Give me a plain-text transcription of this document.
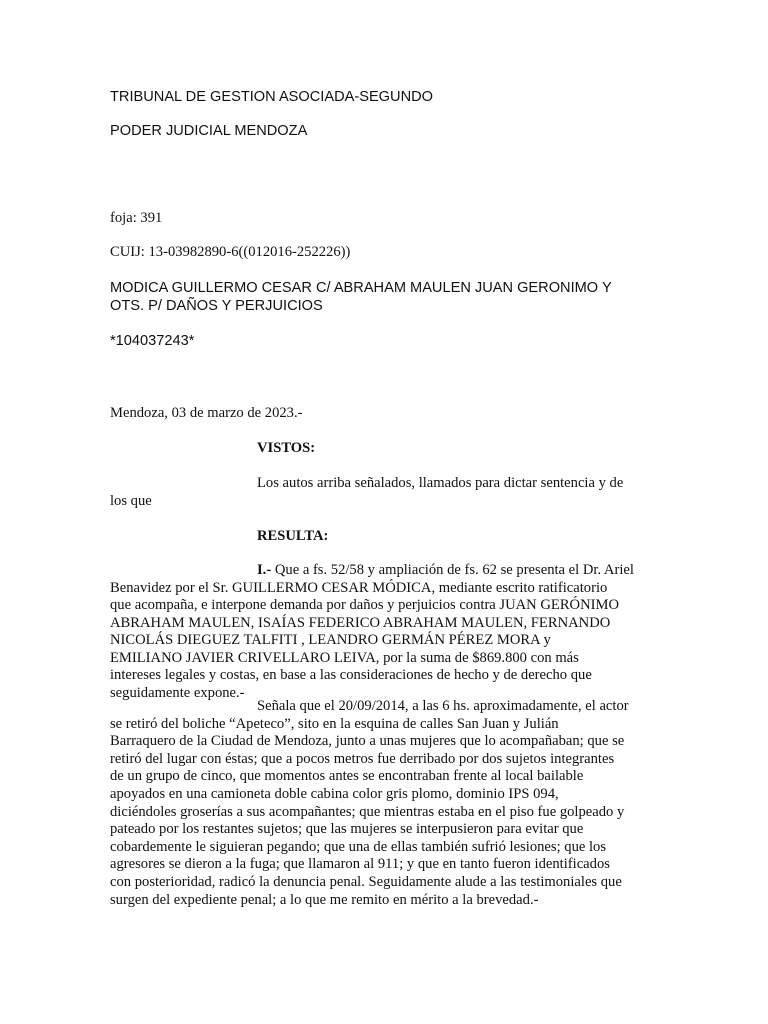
TRIBUNAL DE GESTION ASOCIADA-SEGUNDO

PODER JUDICIAL MENDOZA

foja: 391

CUIJ: 13-03982890-6((012016-252226))

MODICA GUILLERMO CESAR C/ ABRAHAM MAULEN JUAN GERONIMO Y

OTS. P/ DAÑOS Y PERJUICIOS

*104037243*

Mendoza, 03 de marzo de 2023.-

VISTOS:

Los autos arriba señalados, llamados para dictar sentencia y de

los que

RESULTA:

I.- Que a fs. 52/58 y ampliación de fs. 62 se presenta el Dr. Ariel

Benavidez por el Sr. GUILLERMO CESAR MÓDICA, mediante escrito ratificatorio

que acompaña, e interpone demanda por daños y perjuicios contra JUAN GERÓNIMO

ABRAHAM MAULEN, ISAÍAS FEDERICO ABRAHAM MAULEN, FERNANDO

NICOLÁS DIEGUEZ TALFITI , LEANDRO GERMÁN PÉREZ MORA y

EMILIANO JAVIER CRIVELLARO LEIVA, por la suma de $869.800 con más

intereses legales y costas, en base a las consideraciones de hecho y de derecho que

seguidamente expone.-

Señala que el 20/09/2014, a las 6 hs. aproximadamente, el actor

se retiró del boliche “Apeteco”, sito en la esquina de calles San Juan y Julián

Barraquero de la Ciudad de Mendoza, junto a unas mujeres que lo acompañaban; que se

retiró del lugar con éstas; que a pocos metros fue derribado por dos sujetos integrantes

de un grupo de cinco, que momentos antes se encontraban frente al local bailable

apoyados en una camioneta doble cabina color gris plomo, dominio IPS 094,

diciéndoles groserías a sus acompañantes; que mientras estaba en el piso fue golpeado y

pateado por los restantes sujetos; que las mujeres se interpusieron para evitar que

cobardemente le siguieran pegando; que una de ellas también sufrió lesiones; que los

agresores se dieron a la fuga; que llamaron al 911; y que en tanto fueron identificados

con posterioridad, radicó la denuncia penal. Seguidamente alude a las testimoniales que

surgen del expediente penal; a lo que me remito en mérito a la brevedad.-
